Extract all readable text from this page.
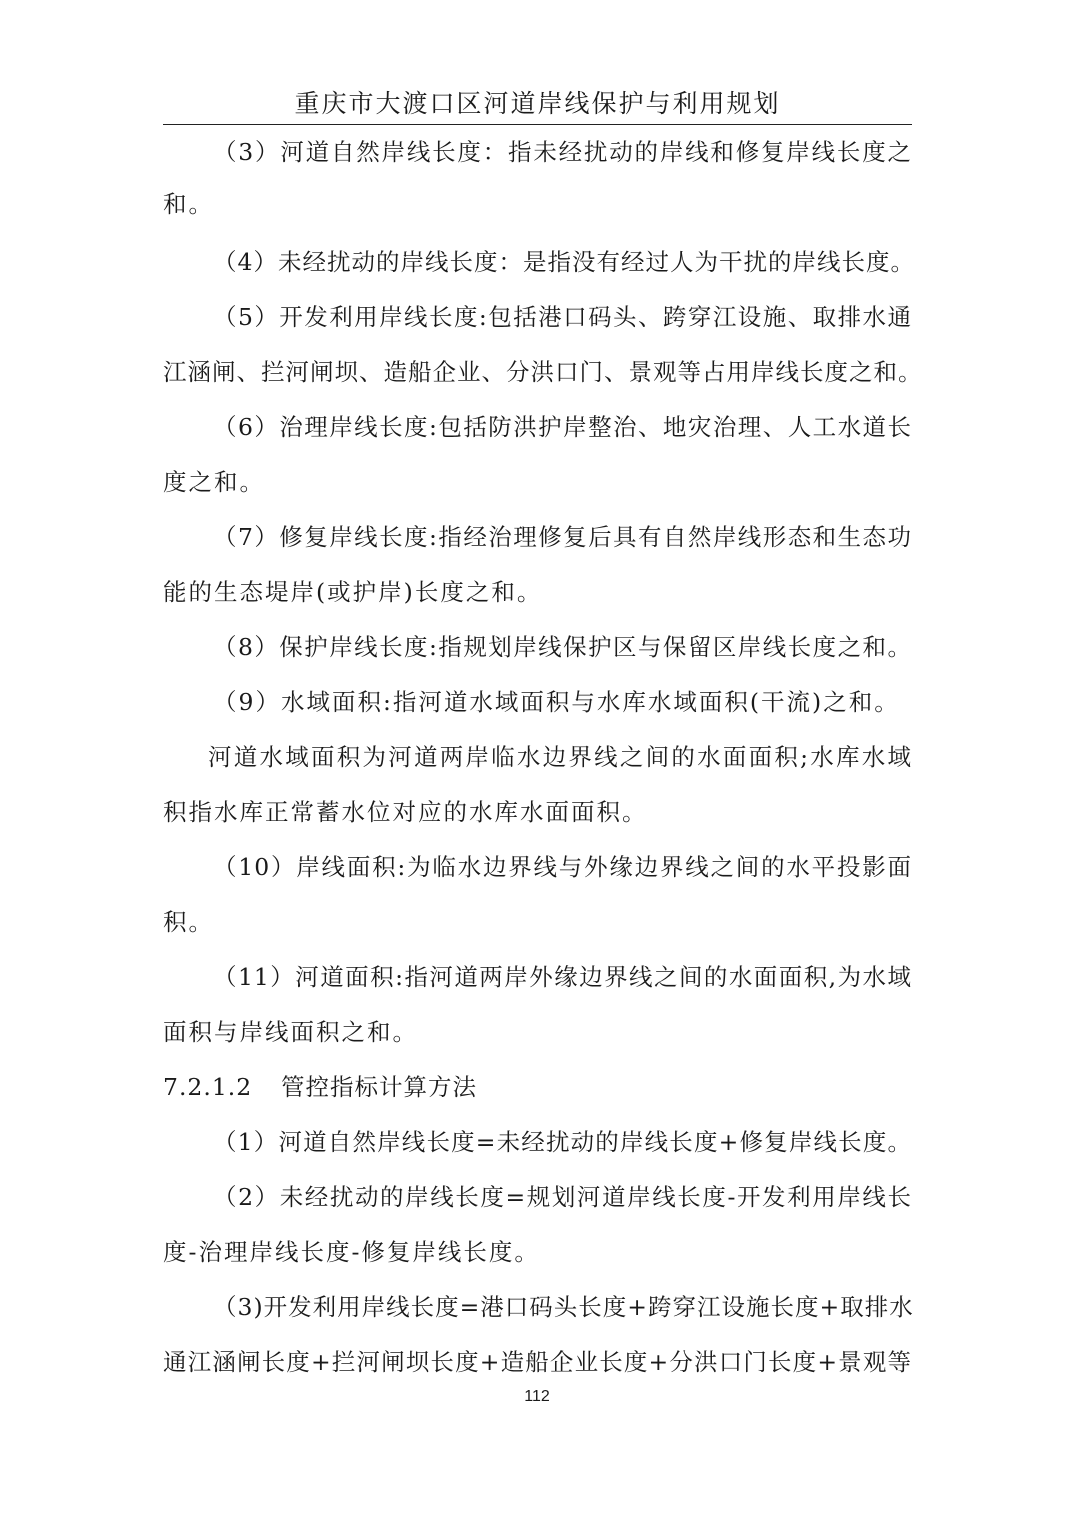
重庆市大渡口区河道岸线保护与利用规划
（3）河道自然岸线长度：指未经扰动的岸线和修复岸线长度之
和。
（4）未经扰动的岸线长度：是指没有经过人为干扰的岸线长度。
（5）开发利用岸线长度:包括港口码头、跨穿江设施、取排水通
江涵闸、拦河闸坝、造船企业、分洪口门、景观等占用岸线长度之和。
（6）治理岸线长度:包括防洪护岸整治、地灾治理、人工水道长
度之和。
（7）修复岸线长度:指经治理修复后具有自然岸线形态和生态功
能的生态堤岸(或护岸)长度之和。
（8）保护岸线长度:指规划岸线保护区与保留区岸线长度之和。
（9）水域面积:指河道水域面积与水库水域面积(干流)之和。
河道水域面积为河道两岸临水边界线之间的水面面积;水库水域
积指水库正常蓄水位对应的水库水面面积。
（10）岸线面积:为临水边界线与外缘边界线之间的水平投影面
积。
（11）河道面积:指河道两岸外缘边界线之间的水面面积,为水域
面积与岸线面积之和。
7.2.1.2 管控指标计算方法
（1）河道自然岸线长度=未经扰动的岸线长度+修复岸线长度。
（2）未经扰动的岸线长度=规划河道岸线长度-开发利用岸线长
度-治理岸线长度-修复岸线长度。
（3)开发利用岸线长度=港口码头长度+跨穿江设施长度+取排水
通江涵闸长度+拦河闸坝长度+造船企业长度+分洪口门长度+景观等
112
